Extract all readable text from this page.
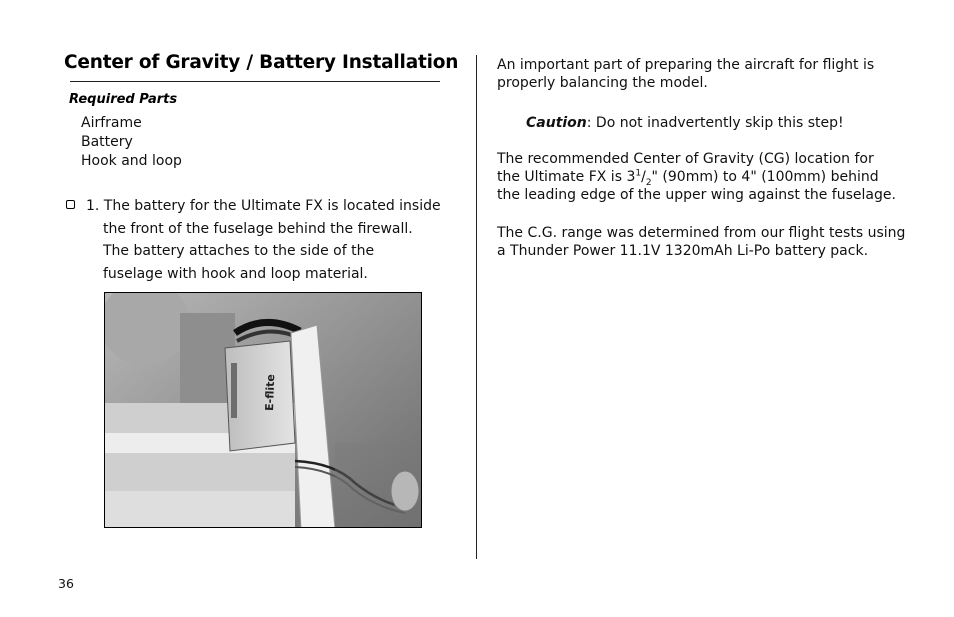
Center of Gravity / Battery Installation
Required Parts
Airframe
Battery
Hook and loop
1. The battery for the Ultimate FX is located inside
the front of the fuselage behind the firewall. The battery attaches to the side of the fuselage with hook and loop material.
E-flite

An important part of preparing the aircraft for flight is properly balancing the model.

Caution: Do not inadvertently skip this step!

The recommended Center of Gravity (CG) location for the Ultimate FX is $3^1/_2$" (90mm) to 4" (100mm) behind the leading edge of the upper wing against the fuselage.

The C.G. range was determined from our flight tests using a Thunder Power 11.1V 1320mAh Li-Po battery pack.

36
